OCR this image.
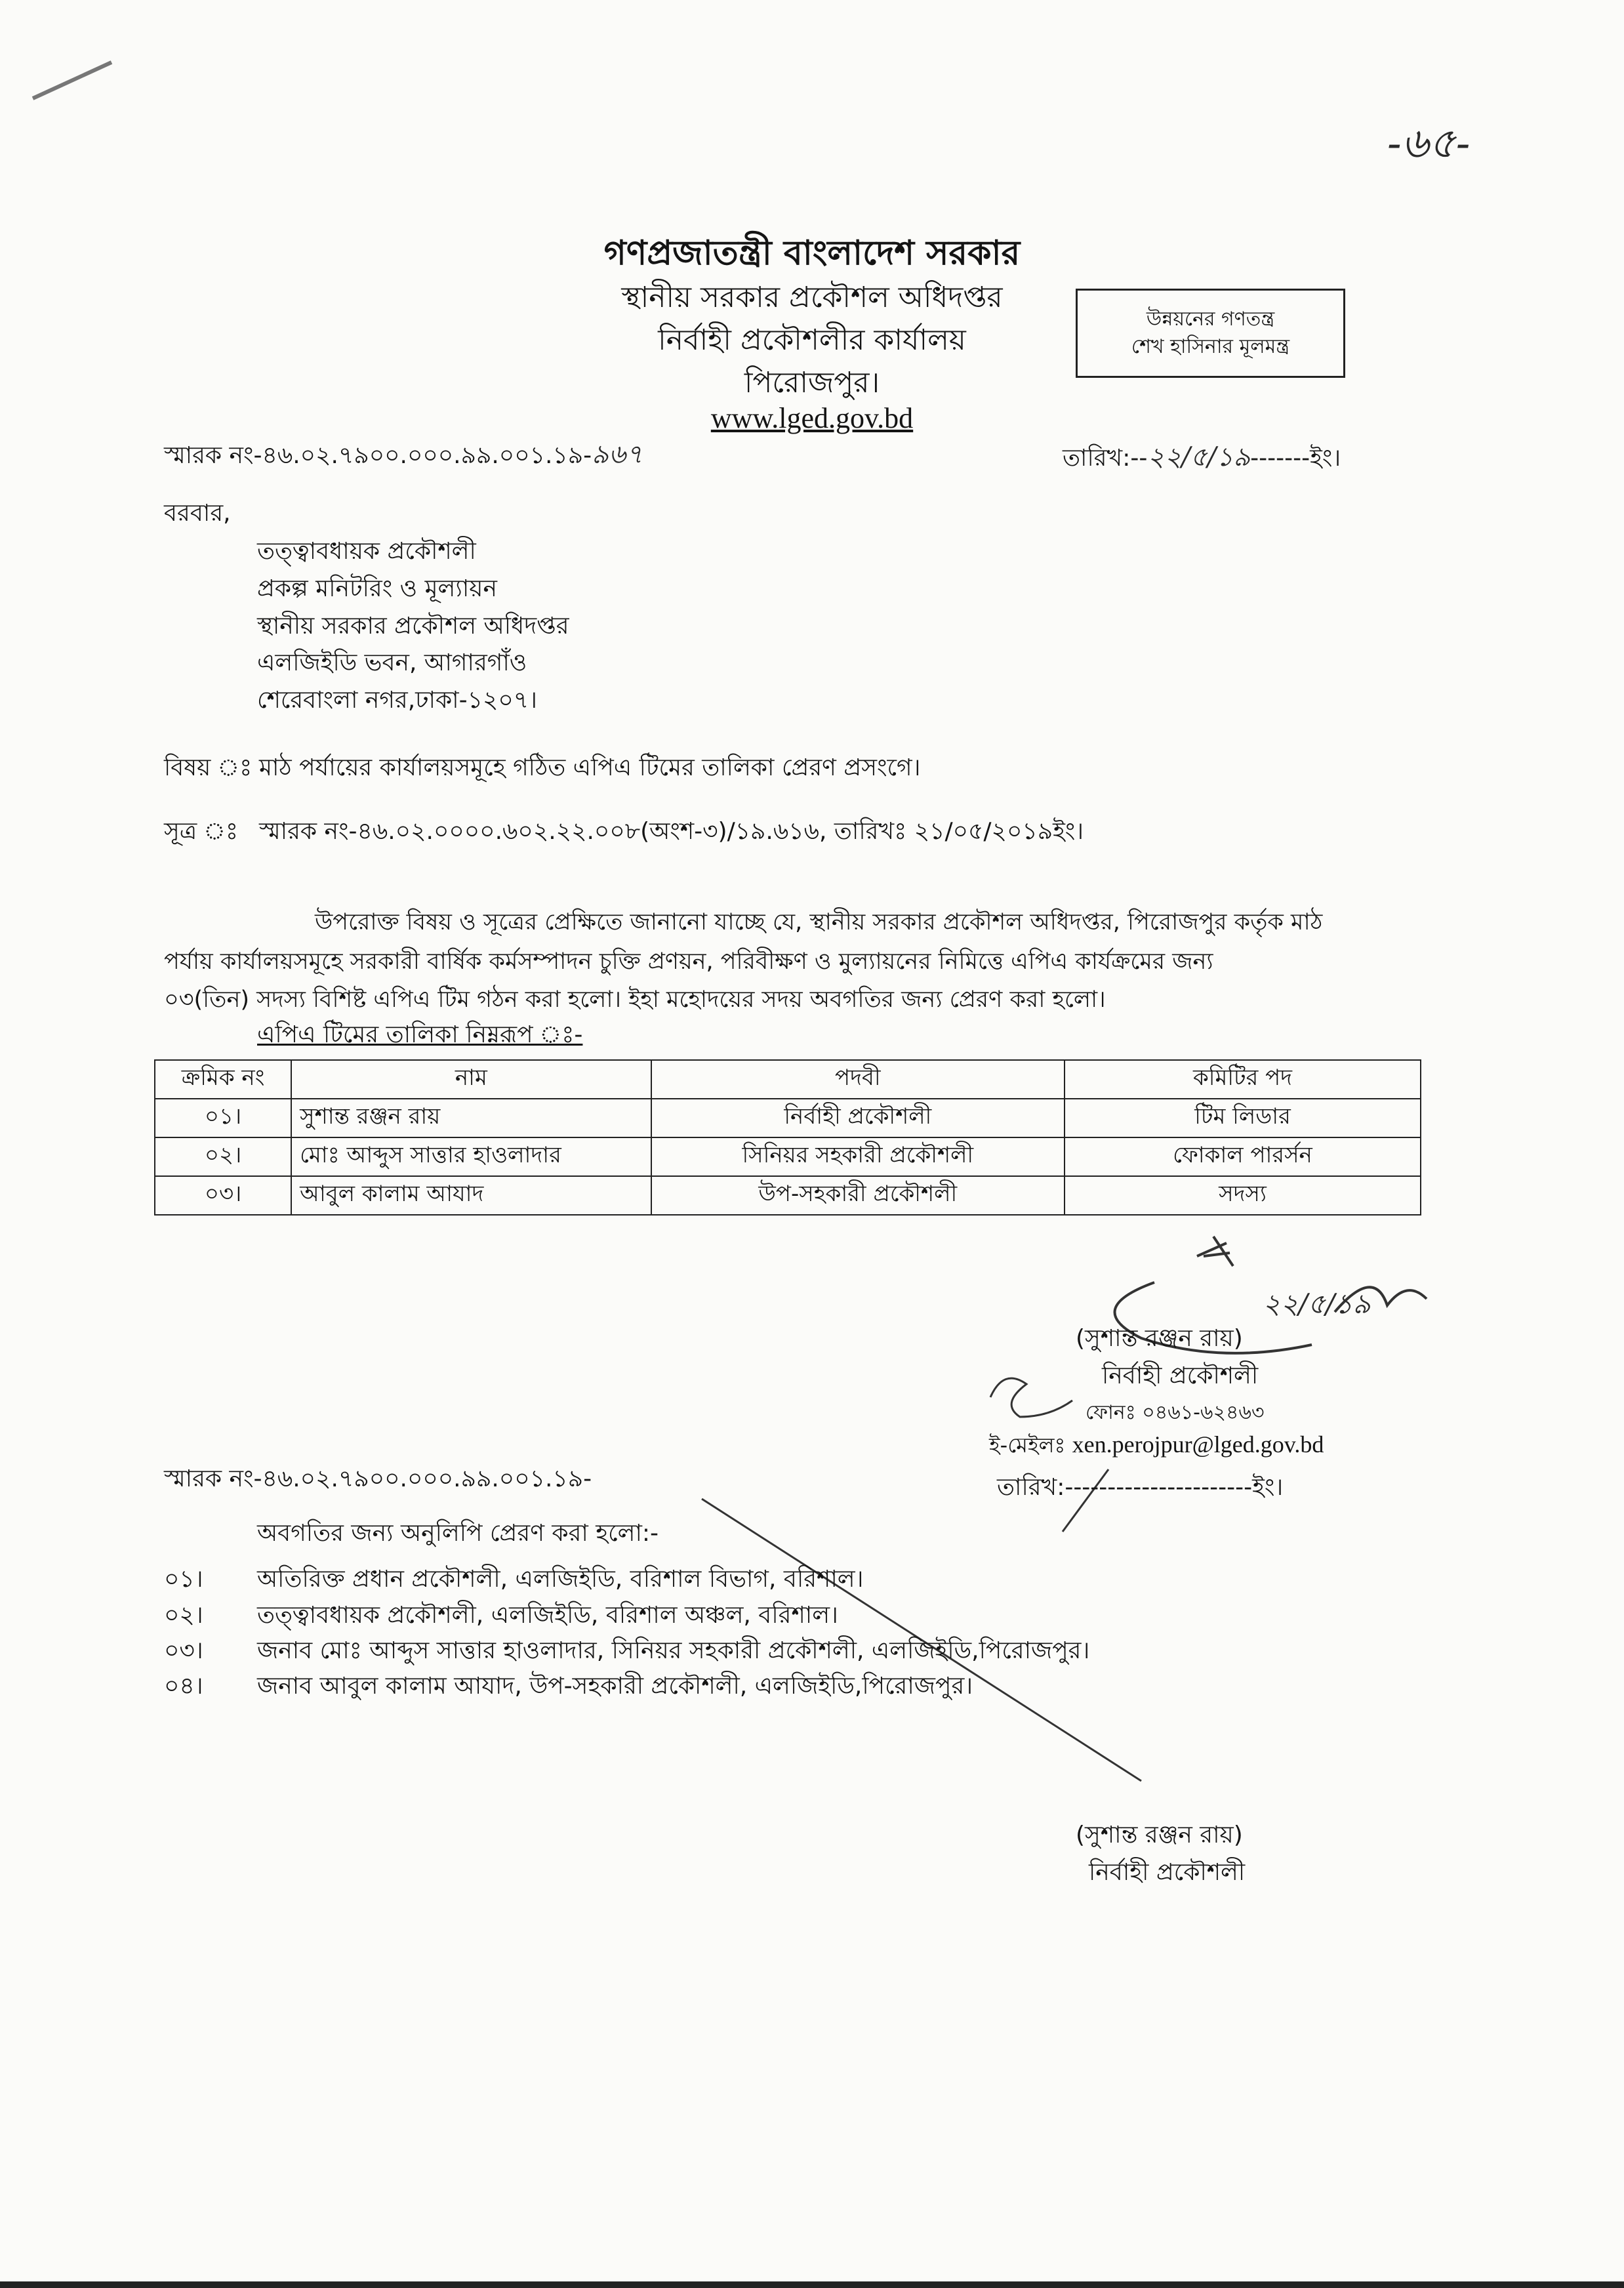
-৬৫-
গণপ্রজাতন্ত্রী বাংলাদেশ সরকার
স্থানীয় সরকার প্রকৌশল অধিদপ্তর
নির্বাহী প্রকৌশলীর কার্যালয়
পিরোজপুর।
www.lged.gov.bd
উন্নয়নের গণতন্ত্র
শেখ হাসিনার মূলমন্ত্র
স্মারক নং-৪৬.০২.৭৯০০.০০০.৯৯.০০১.১৯-৯৬৭	তারিখ:--২২/৫/১৯-------ইং।
বরবার,
তত্ত্বাবধায়ক প্রকৌশলী
প্রকল্প মনিটরিং ও মূল্যায়ন
স্থানীয় সরকার প্রকৌশল অধিদপ্তর
এলজিইডি ভবন, আগারগাঁও
শেরেবাংলা নগর,ঢাকা-১২০৭।
বিষয় ঃ মাঠ পর্যায়ের কার্যালয়সমূহে গঠিত এপিএ টিমের তালিকা প্রেরণ প্রসংগে।
সূত্র ঃ স্মারক নং-৪৬.০২.০০০০.৬০২.২২.০০৮(অংশ-৩)/১৯.৬১৬, তারিখঃ ২১/০৫/২০১৯ইং।
উপরোক্ত বিষয় ও সূত্রের প্রেক্ষিতে জানানো যাচ্ছে যে, স্থানীয় সরকার প্রকৌশল অধিদপ্তর, পিরোজপুর কর্তৃক মাঠ
পর্যায় কার্যালয়সমূহে সরকারী বার্ষিক কর্মসম্পাদন চুক্তি প্রণয়ন, পরিবীক্ষণ ও মুল্যায়নের নিমিত্তে এপিএ কার্যক্রমের জন্য
০৩(তিন) সদস্য বিশিষ্ট এপিএ টিম গঠন করা হলো। ইহা মহোদয়ের সদয় অবগতির জন্য প্রেরণ করা হলো।
এপিএ টিমের তালিকা নিম্নরূপ ঃ-
ক্রমিক নং	নাম	পদবী	কমিটির পদ
০১।	সুশান্ত রঞ্জন রায়	নির্বাহী প্রকৌশলী	টিম লিডার
০২।	মোঃ আব্দুস সাত্তার হাওলাদার	সিনিয়র সহকারী প্রকৌশলী	ফোকাল পারর্সন
০৩।	আবুল কালাম আযাদ	উপ-সহকারী প্রকৌশলী	সদস্য
২২/৫/১৯
(সুশান্ত রঞ্জন রায়)
নির্বাহী প্রকৌশলী
ফোনঃ ০৪৬১-৬২৪৬৩
ই-মেইলঃ xen.perojpur@lged.gov.bd
স্মারক নং-৪৬.০২.৭৯০০.০০০.৯৯.০০১.১৯-	তারিখ:----------------------ইং।
অবগতির জন্য অনুলিপি প্রেরণ করা হলো:-
০১। অতিরিক্ত প্রধান প্রকৌশলী, এলজিইডি, বরিশাল বিভাগ, বরিশাল।
০২। তত্ত্বাবধায়ক প্রকৌশলী, এলজিইডি, বরিশাল অঞ্চল, বরিশাল।
০৩। জনাব মোঃ আব্দুস সাত্তার হাওলাদার, সিনিয়র সহকারী প্রকৌশলী, এলজিইডি,পিরোজপুর।
০৪। জনাব আবুল কালাম আযাদ, উপ-সহকারী প্রকৌশলী, এলজিইডি,পিরোজপুর।
(সুশান্ত রঞ্জন রায়)
নির্বাহী প্রকৌশলী
